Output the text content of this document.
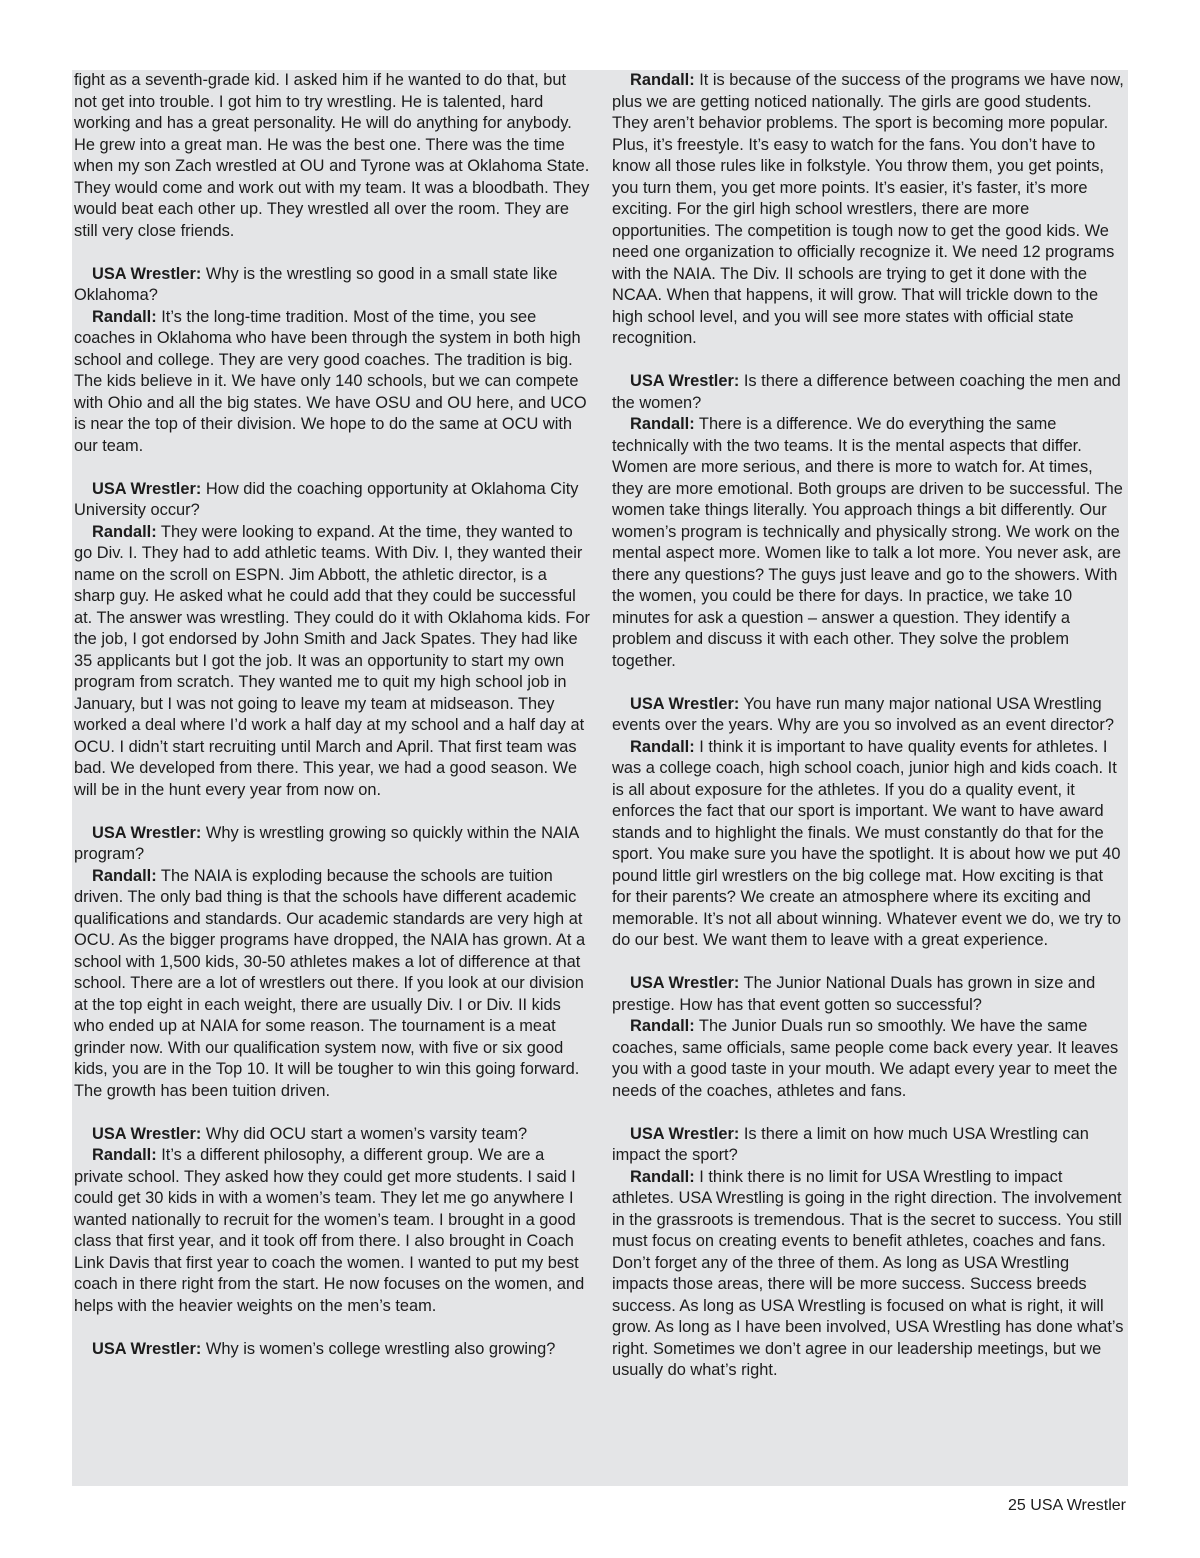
fight as a seventh-grade kid. I asked him if he wanted to do that, but not get into trouble. I got him to try wrestling. He is talented, hard working and has a great personality. He will do anything for anybody. He grew into a great man. He was the best one. There was the time when my son Zach wrestled at OU and Tyrone was at Oklahoma State. They would come and work out with my team. It was a bloodbath. They would beat each other up. They wrestled all over the room. They are still very close friends.

USA Wrestler: Why is the wrestling so good in a small state like Oklahoma?

Randall: It’s the long-time tradition. Most of the time, you see coaches in Oklahoma who have been through the system in both high school and college. They are very good coaches. The tradition is big. The kids believe in it. We have only 140 schools, but we can compete with Ohio and all the big states. We have OSU and OU here, and UCO is near the top of their division. We hope to do the same at OCU with our team.

USA Wrestler: How did the coaching opportunity at Oklahoma City University occur?

Randall: They were looking to expand. At the time, they wanted to go Div. I. They had to add athletic teams. With Div. I, they wanted their name on the scroll on ESPN. Jim Abbott, the athletic director, is a sharp guy. He asked what he could add that they could be successful at. The answer was wrestling. They could do it with Oklahoma kids. For the job, I got endorsed by John Smith and Jack Spates. They had like 35 applicants but I got the job. It was an opportunity to start my own program from scratch. They wanted me to quit my high school job in January, but I was not going to leave my team at midseason. They worked a deal where I’d work a half day at my school and a half day at OCU. I didn’t start recruiting until March and April. That first team was bad. We developed from there. This year, we had a good season. We will be in the hunt every year from now on.

USA Wrestler: Why is wrestling growing so quickly within the NAIA program?

Randall: The NAIA is exploding because the schools are tuition driven. The only bad thing is that the schools have different academic qualifications and standards. Our academic standards are very high at OCU. As the bigger programs have dropped, the NAIA has grown. At a school with 1,500 kids, 30-50 athletes makes a lot of difference at that school. There are a lot of wrestlers out there. If you look at our division at the top eight in each weight, there are usually Div. I or Div. II kids who ended up at NAIA for some reason. The tournament is a meat grinder now. With our qualification system now, with five or six good kids, you are in the Top 10. It will be tougher to win this going forward. The growth has been tuition driven.

USA Wrestler: Why did OCU start a women’s varsity team?

Randall: It’s a different philosophy, a different group. We are a private school. They asked how they could get more students. I said I could get 30 kids in with a women’s team. They let me go anywhere I wanted nationally to recruit for the women’s team. I brought in a good class that first year, and it took off from there. I also brought in Coach Link Davis that first year to coach the women. I wanted to put my best coach in there right from the start. He now focuses on the women, and helps with the heavier weights on the men’s team.

USA Wrestler: Why is women’s college wrestling also growing?

Randall: It is because of the success of the programs we have now, plus we are getting noticed nationally. The girls are good students. They aren’t behavior problems. The sport is becoming more popular. Plus, it’s freestyle. It’s easy to watch for the fans. You don’t have to know all those rules like in folkstyle. You throw them, you get points, you turn them, you get more points. It’s easier, it’s faster, it’s more exciting. For the girl high school wrestlers, there are more opportunities. The competition is tough now to get the good kids. We need one organization to officially recognize it. We need 12 programs with the NAIA. The Div. II schools are trying to get it done with the NCAA. When that happens, it will grow. That will trickle down to the high school level, and you will see more states with official state recognition.

USA Wrestler: Is there a difference between coaching the men and the women?

Randall: There is a difference. We do everything the same technically with the two teams. It is the mental aspects that differ. Women are more serious, and there is more to watch for. At times, they are more emotional. Both groups are driven to be successful. The women take things literally. You approach things a bit differently. Our women’s program is technically and physically strong. We work on the mental aspect more. Women like to talk a lot more. You never ask, are there any questions? The guys just leave and go to the showers. With the women, you could be there for days. In practice, we take 10 minutes for ask a question – answer a question. They identify a problem and discuss it with each other. They solve the problem together.

USA Wrestler: You have run many major national USA Wrestling events over the years. Why are you so involved as an event director?

Randall: I think it is important to have quality events for athletes. I was a college coach, high school coach, junior high and kids coach. It is all about exposure for the athletes. If you do a quality event, it enforces the fact that our sport is important. We want to have award stands and to highlight the finals. We must constantly do that for the sport. You make sure you have the spotlight. It is about how we put 40 pound little girl wrestlers on the big college mat. How exciting is that for their parents? We create an atmosphere where its exciting and memorable. It’s not all about winning. Whatever event we do, we try to do our best. We want them to leave with a great experience.

USA Wrestler: The Junior National Duals has grown in size and prestige. How has that event gotten so successful?

Randall: The Junior Duals run so smoothly. We have the same coaches, same officials, same people come back every year. It leaves you with a good taste in your mouth. We adapt every year to meet the needs of the coaches, athletes and fans.

USA Wrestler: Is there a limit on how much USA Wrestling can impact the sport?

Randall: I think there is no limit for USA Wrestling to impact athletes. USA Wrestling is going in the right direction. The involvement in the grassroots is tremendous. That is the secret to success. You still must focus on creating events to benefit athletes, coaches and fans. Don’t forget any of the three of them. As long as USA Wrestling impacts those areas, there will be more success. Success breeds success. As long as USA Wrestling is focused on what is right, it will grow. As long as I have been involved, USA Wrestling has done what’s right. Sometimes we don’t agree in our leadership meetings, but we usually do what’s right.

25 USA Wrestler
